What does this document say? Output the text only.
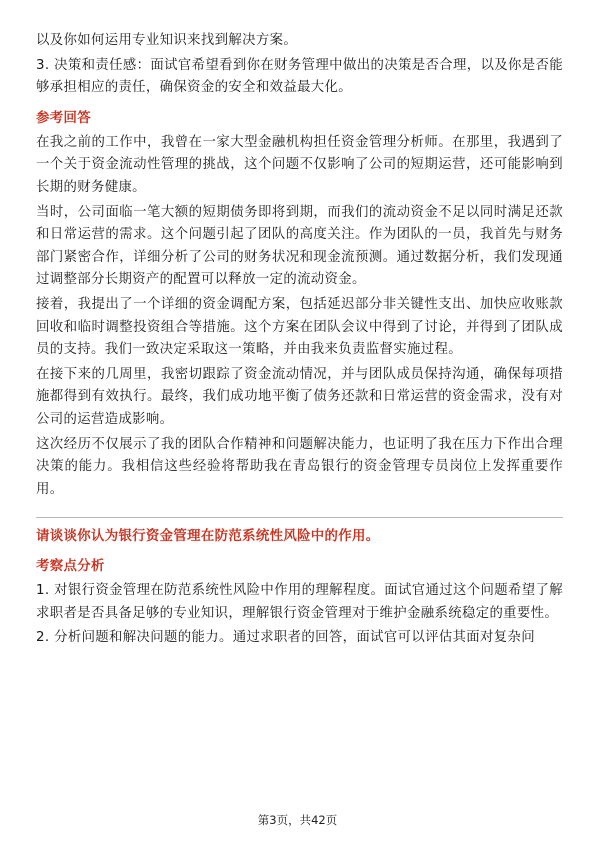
以及你如何运用专业知识来找到解决方案。

3. 决策和责任感：面试官希望看到你在财务管理中做出的决策是否合理，以及你是否能够承担相应的责任，确保资金的安全和效益最大化。

参考回答

在我之前的工作中，我曾在一家大型金融机构担任资金管理分析师。在那里，我遇到了一个关于资金流动性管理的挑战，这个问题不仅影响了公司的短期运营，还可能影响到长期的财务健康。

当时，公司面临一笔大额的短期债务即将到期，而我们的流动资金不足以同时满足还款和日常运营的需求。这个问题引起了团队的高度关注。作为团队的一员，我首先与财务部门紧密合作，详细分析了公司的财务状况和现金流预测。通过数据分析，我们发现通过调整部分长期资产的配置可以释放一定的流动资金。

接着，我提出了一个详细的资金调配方案，包括延迟部分非关键性支出、加快应收账款回收和临时调整投资组合等措施。这个方案在团队会议中得到了讨论，并得到了团队成员的支持。我们一致决定采取这一策略，并由我来负责监督实施过程。

在接下来的几周里，我密切跟踪了资金流动情况，并与团队成员保持沟通，确保每项措施都得到有效执行。最终，我们成功地平衡了债务还款和日常运营的资金需求，没有对公司的运营造成影响。

这次经历不仅展示了我的团队合作精神和问题解决能力，也证明了我在压力下作出合理决策的能力。我相信这些经验将帮助我在青岛银行的资金管理专员岗位上发挥重要作用。

请谈谈你认为银行资金管理在防范系统性风险中的作用。
考察点分析

1. 对银行资金管理在防范系统性风险中作用的理解程度。面试官通过这个问题希望了解求职者是否具备足够的专业知识，理解银行资金管理对于维护金融系统稳定的重要性。

2. 分析问题和解决问题的能力。通过求职者的回答，面试官可以评估其面对复杂问

第3页，共42页
